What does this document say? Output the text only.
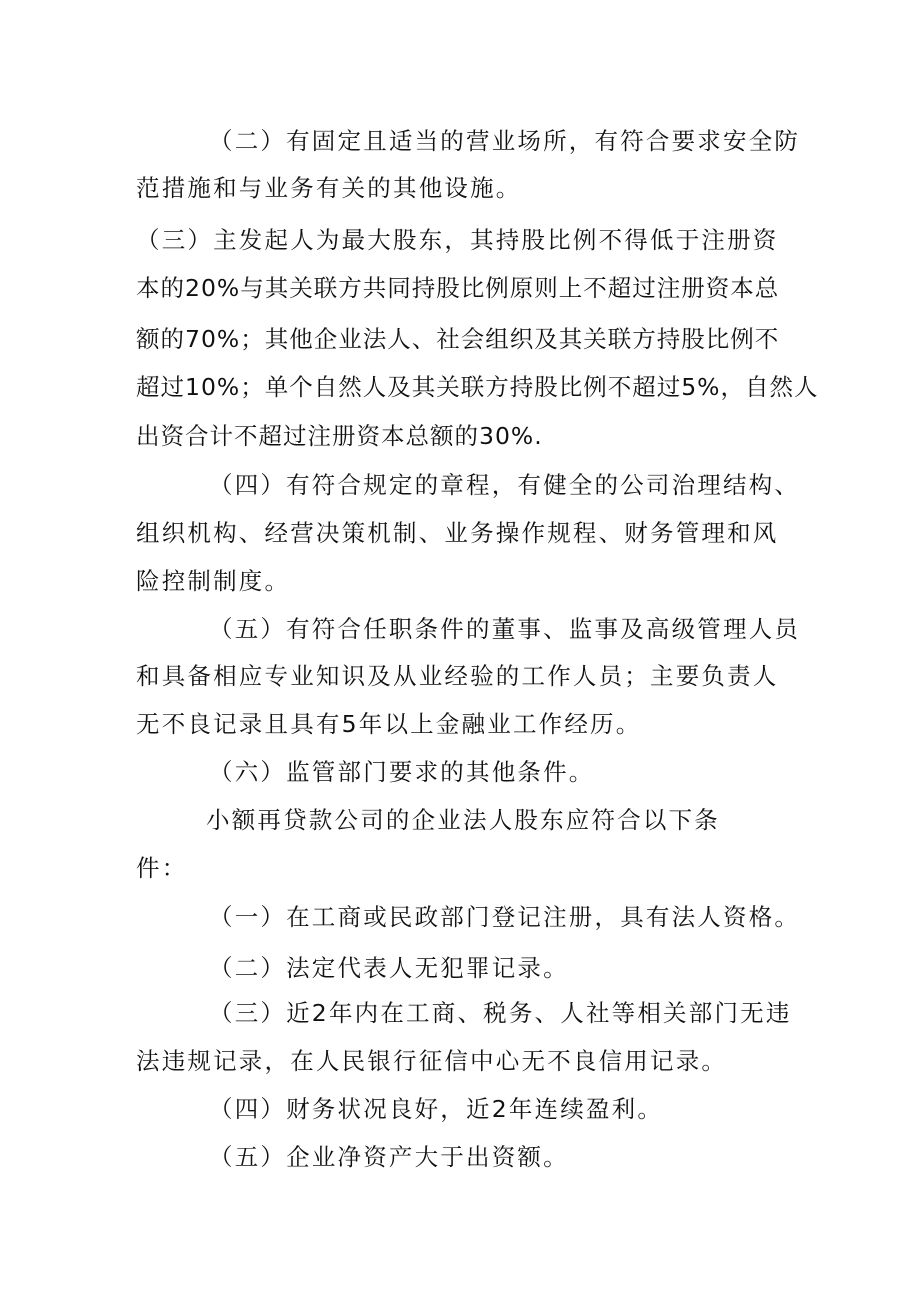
（二）有固定且适当的营业场所，有符合要求安全防
范措施和与业务有关的其他设施。
（三）主发起人为最大股东，其持股比例不得低于注册资
本的20%与其关联方共同持股比例原则上不超过注册资本总
额的70%；其他企业法人、社会组织及其关联方持股比例不
超过10%；单个自然人及其关联方持股比例不超过5%，自然人
出资合计不超过注册资本总额的30%.
（四）有符合规定的章程，有健全的公司治理结构、
组织机构、经营决策机制、业务操作规程、财务管理和风
险控制制度。
（五）有符合任职条件的董事、监事及高级管理人员
和具备相应专业知识及从业经验的工作人员；主要负责人
无不良记录且具有5年以上金融业工作经历。
（六）监管部门要求的其他条件。
小额再贷款公司的企业法人股东应符合以下条
件：
（一）在工商或民政部门登记注册，具有法人资格。
（二）法定代表人无犯罪记录。
（三）近2年内在工商、税务、人社等相关部门无违
法违规记录，在人民银行征信中心无不良信用记录。
（四）财务状况良好，近2年连续盈利。
（五）企业净资产大于出资额。
